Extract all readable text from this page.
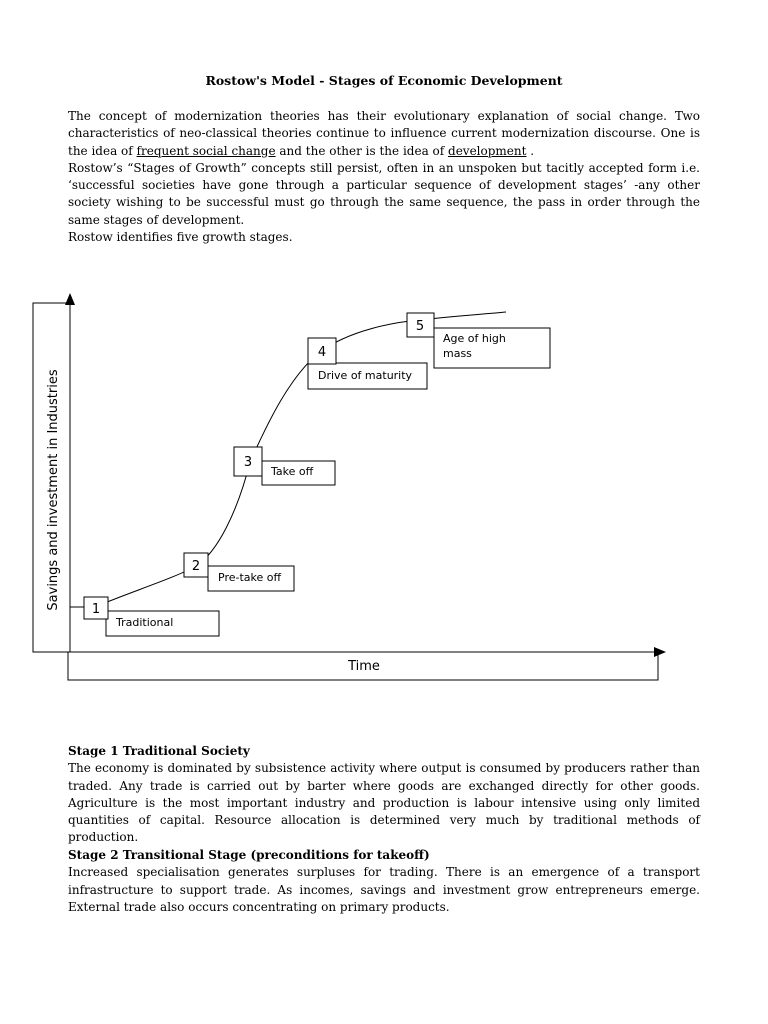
Rostow's Model - Stages of Economic Development

The concept of modernization theories has their evolutionary explanation of social change. Two characteristics of neo-classical theories continue to influence current modernization discourse. One is the idea of frequent social change and the other is the idea of development .

Rostow’s “Stages of Growth” concepts still persist, often in an unspoken but tacitly accepted form i.e. ‘successful societies have gone through a particular sequence of development stages’ -any other society wishing to be successful must go through the same sequence, the pass in order through the same stages of development.

Rostow identifies five growth stages.

Savings and investment in Industries
Time
Traditional
1
Pre-take off
2
Take off
3
Drive of maturity
4
Age of high
mass
5
Stage 1 Traditional Society

The economy is dominated by subsistence activity where output is consumed by producers rather than traded. Any trade is carried out by barter where goods are exchanged directly for other goods. Agriculture is the most important industry and production is labour intensive using only limited quantities of capital. Resource allocation is determined very much by traditional methods of production.

Stage 2 Transitional Stage (preconditions for takeoff)

Increased specialisation generates surpluses for trading. There is an emergence of a transport infrastructure to support trade. As incomes, savings and investment grow entrepreneurs emerge. External trade also occurs concentrating on primary products.
